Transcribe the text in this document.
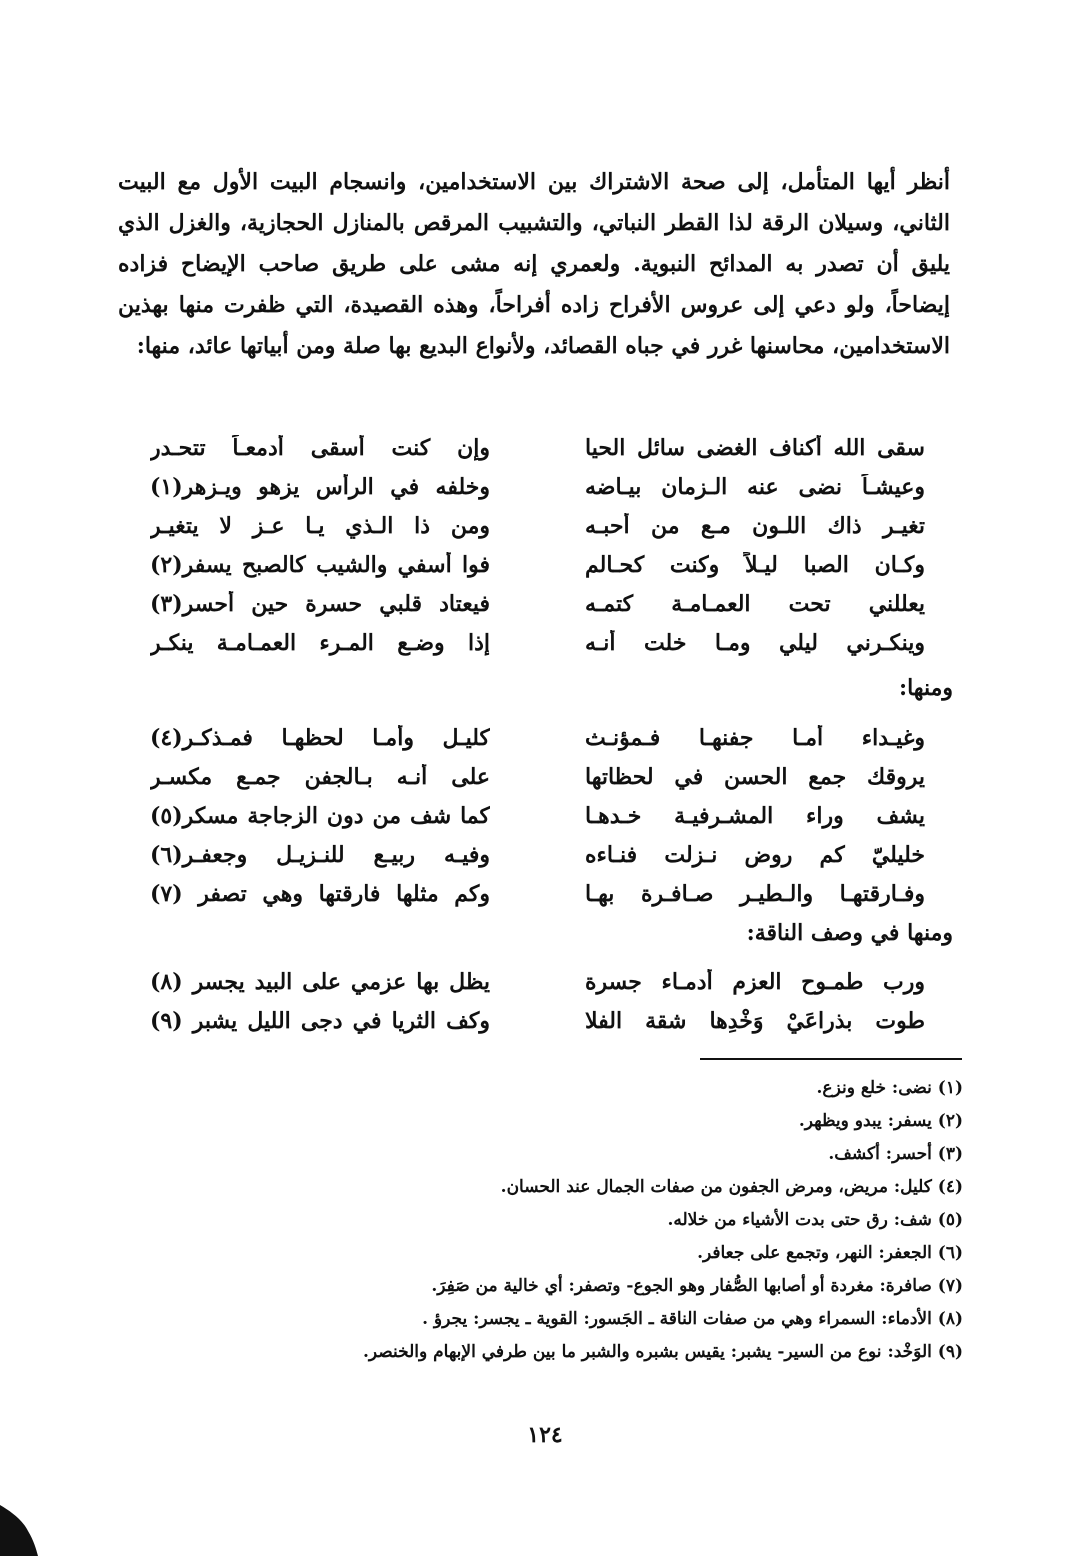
أنظر أيها المتأمل، إلى صحة الاشتراك بين الاستخدامين، وانسجام البيت الأول مع البيت الثاني، وسيلان الرقة لذا القطر النباتي، والتشبيب المرقص بالمنازل الحجازية، والغزل الذي يليق أن تصدر به المدائح النبوية. ولعمري إنه مشى على طريق صاحب الإيضاح فزاده إيضاحاً، ولو دعي إلى عروس الأفراح زاده أفراحاً، وهذه القصيدة، التي ظفرت منها بهذين الاستخدامين، محاسنها غرر في جباه القصائد، ولأنواع البديع بها صلة ومن أبياتها عائد، منها:

سقى الله أكناف الغضى سائل الحيا
وإن كنت أسقى أدمعـاً تتحـدر
وعيشـاً نضى عنه الـزمان بيـاضه
وخلفه في الرأس يزهو ويـزهر(١)
تغيـر ذاك اللـون مـع من أحبـه
ومن ذا الـذي يـا عـز لا يتغيـر
وكـان الصبا ليـلاً وكنت كحـالم
فوا أسفي والشيب كالصبح يسفر(٢)
يعللني تحت العمـامـة كتمـه
فيعتاد قلبي حسرة حين أحسر(٣)
وينكـرني ليلي ومـا خلت أنـه
إذا وضـع المـرء العمـامـة ينكـر
ومنها:
وغيـداء أمـا جفنهـا فـمؤنـث
كليـل وأمـا لحظهـا فمـذكـر(٤)
يروقك جمع الحسن في لحظاتها
على أنـه بـالجفن جمـع مكسـر
يشف وراء المشـرفيـة خـدهـا
كما شف من دون الزجاجة مسكر(٥)
خليليّ كم روض نـزلت فنـاءه
وفيـه ربيـع للنـزيـل وجعفـر(٦)
وفـارقتهـا والـطيـر صـافـرة بهـا
وكم مثلها فارقتها وهي تصفر (٧)
ومنها في وصف الناقة:
ورب طمـوح العزم أدمـاء جسرة
يظل بها عزمي على البيد يجسر (٨)
طوت بذراعَيْ وَخْدِها شقة الفلا
وكف الثريا في دجى الليل يشبر (٩)
(١) نضى: خلع ونزع.
(٢) يسفر: يبدو ويظهر.
(٣) أحسر: أكشف.
(٤) كليل: مريض، ومرض الجفون من صفات الجمال عند الحسان.
(٥) شف: رق حتى بدت الأشياء من خلاله.
(٦) الجعفر: النهر، وتجمع على جعافر.
(٧) صافرة: مغردة أو أصابها الصُّفار وهو الجوع- وتصفر: أي خالية من صَفِرَ.
(٨) الأدماء: السمراء وهي من صفات الناقة ـ الجَسور: القوية ـ يجسر: يجرؤ .
(٩) الوَخْد: نوع من السير- يشبر: يقيس بشبره والشبر ما بين طرفي الإبهام والخنصر.
١٢٤
